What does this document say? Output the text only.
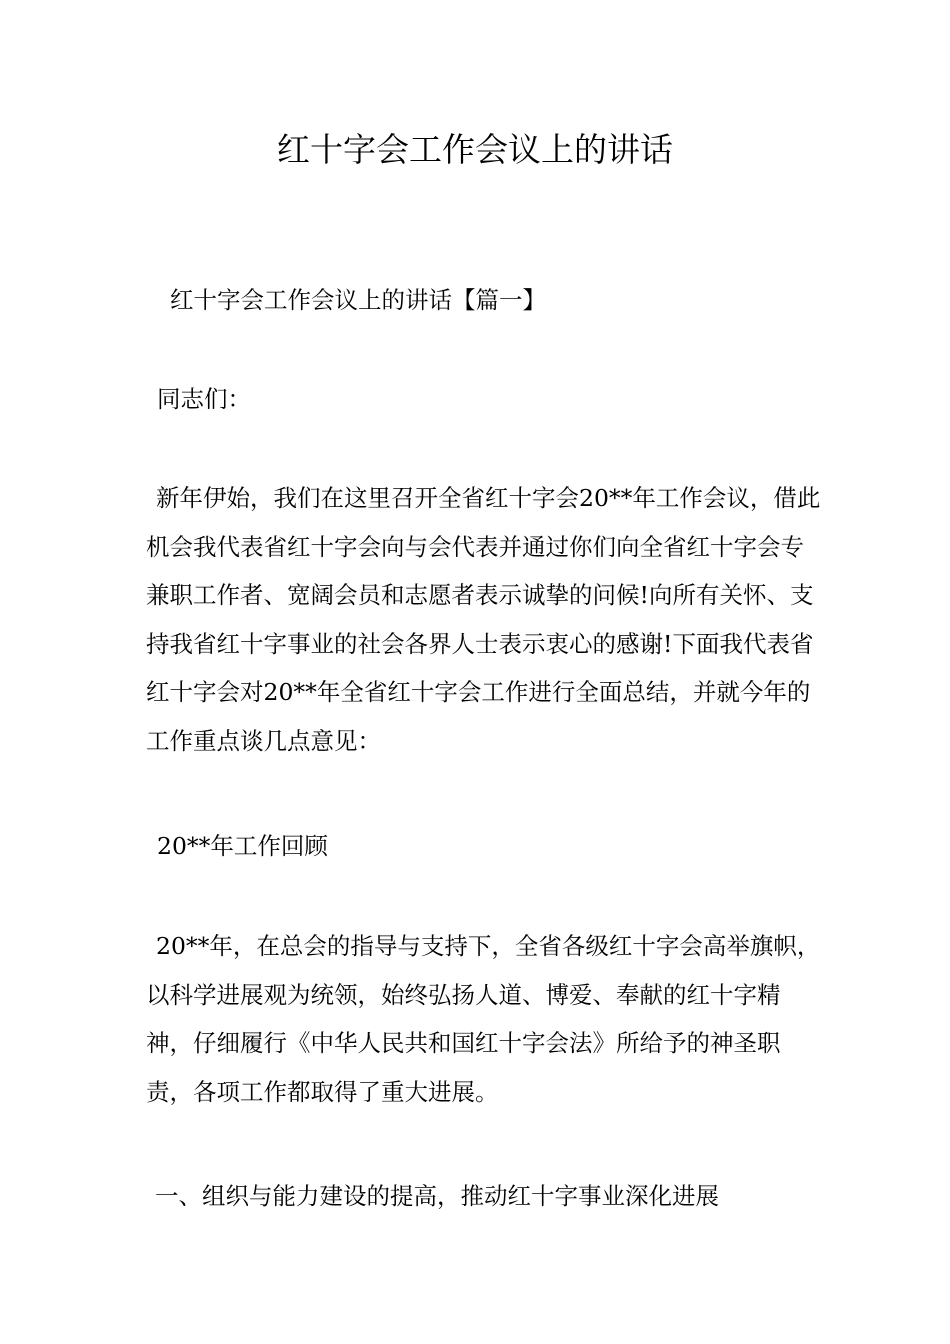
红十字会工作会议上的讲话

红十字会工作会议上的讲话【篇一】

同志们：

新年伊始，我们在这里召开全省红十字会20**年工作会议，借此机会我代表省红十字会向与会代表并通过你们向全省红十字会专兼职工作者、宽阔会员和志愿者表示诚挚的问候!向所有关怀、支持我省红十字事业的社会各界人士表示衷心的感谢!下面我代表省红十字会对20**年全省红十字会工作进行全面总结，并就今年的工作重点谈几点意见：

20**年工作回顾

20**年，在总会的指导与支持下，全省各级红十字会高举旗帜，以科学进展观为统领，始终弘扬人道、博爱、奉献的红十字精神，仔细履行《中华人民共和国红十字会法》所给予的神圣职责，各项工作都取得了重大进展。

一、组织与能力建设的提高，推动红十字事业深化进展
